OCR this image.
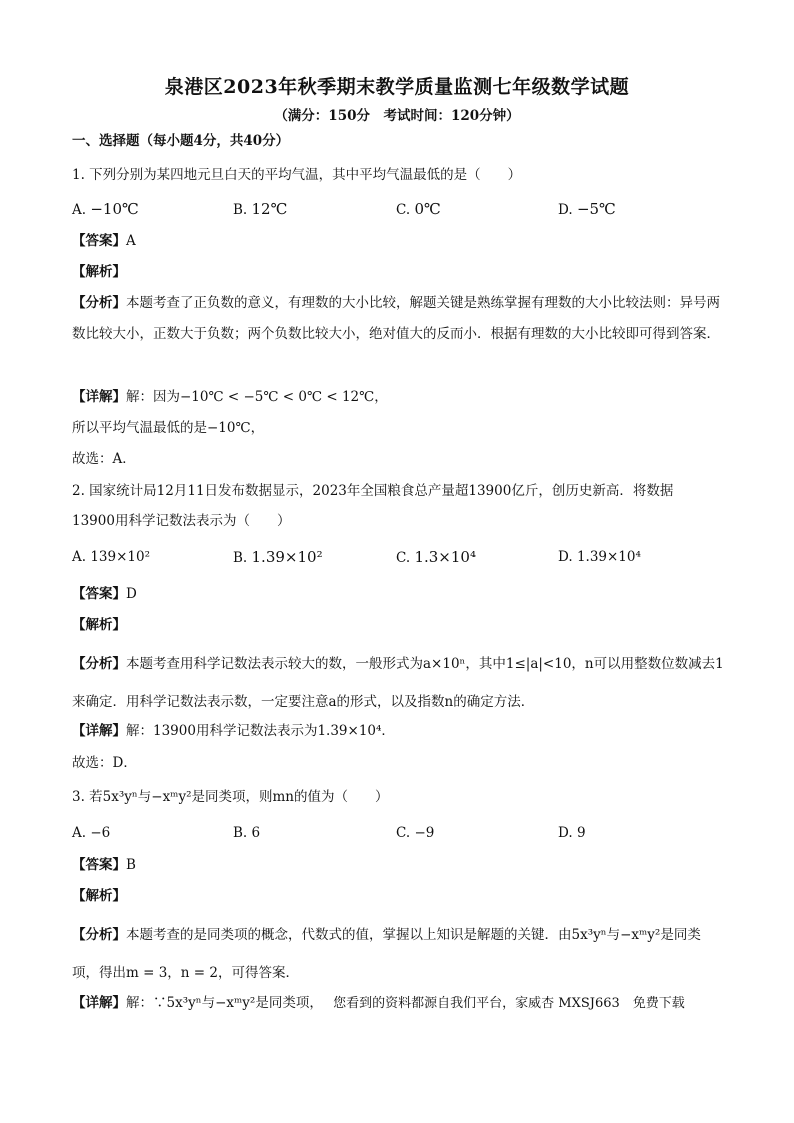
泉港区2023年秋季期末教学质量监测七年级数学试题
（满分：150分　考试时间：120分钟）
一、选择题（每小题4分，共40分）
1. 下列分别为某四地元旦白天的平均气温，其中平均气温最低的是（　　）
A. −10℃	B. 12℃	C. 0℃	D. −5℃
【答案】A
【解析】
【分析】本题考查了正负数的意义，有理数的大小比较，解题关键是熟练掌握有理数的大小比较法则：异号两数比较大小，正数大于负数；两个负数比较大小，绝对值大的反而小．根据有理数的大小比较即可得到答案．
【详解】解：因为−10℃ < −5℃ < 0℃ < 12℃，
所以平均气温最低的是−10℃，
故选：A．
2. 国家统计局12月11日发布数据显示，2023年全国粮食总产量超13900亿斤，创历史新高．将数据
13900用科学记数法表示为（　　）
A. 139×10²	B. 1.39×10²	C. 1.3×10⁴	D. 1.39×10⁴
【答案】D
【解析】
【分析】本题考查用科学记数法表示较大的数，一般形式为a×10ⁿ，其中1≤|a|<10，n可以用整数位数减去1来确定．用科学记数法表示数，一定要注意a的形式，以及指数n的确定方法．
【详解】解：13900用科学记数法表示为1.39×10⁴．
故选：D．
3. 若5x³yⁿ与−xᵐy²是同类项，则mn的值为（　　）
A. −6	B. 6	C. −9	D. 9
【答案】B
【解析】
【分析】本题考查的是同类项的概念，代数式的值，掌握以上知识是解题的关键．由5x³yⁿ与−xᵐy²是同类项，得出m = 3，n = 2，可得答案．
【详解】解：∵5x³yⁿ与−xᵐy²是同类项， 您看到的资料都源自我们平台，家威杏 MXSJ663　免费下载
